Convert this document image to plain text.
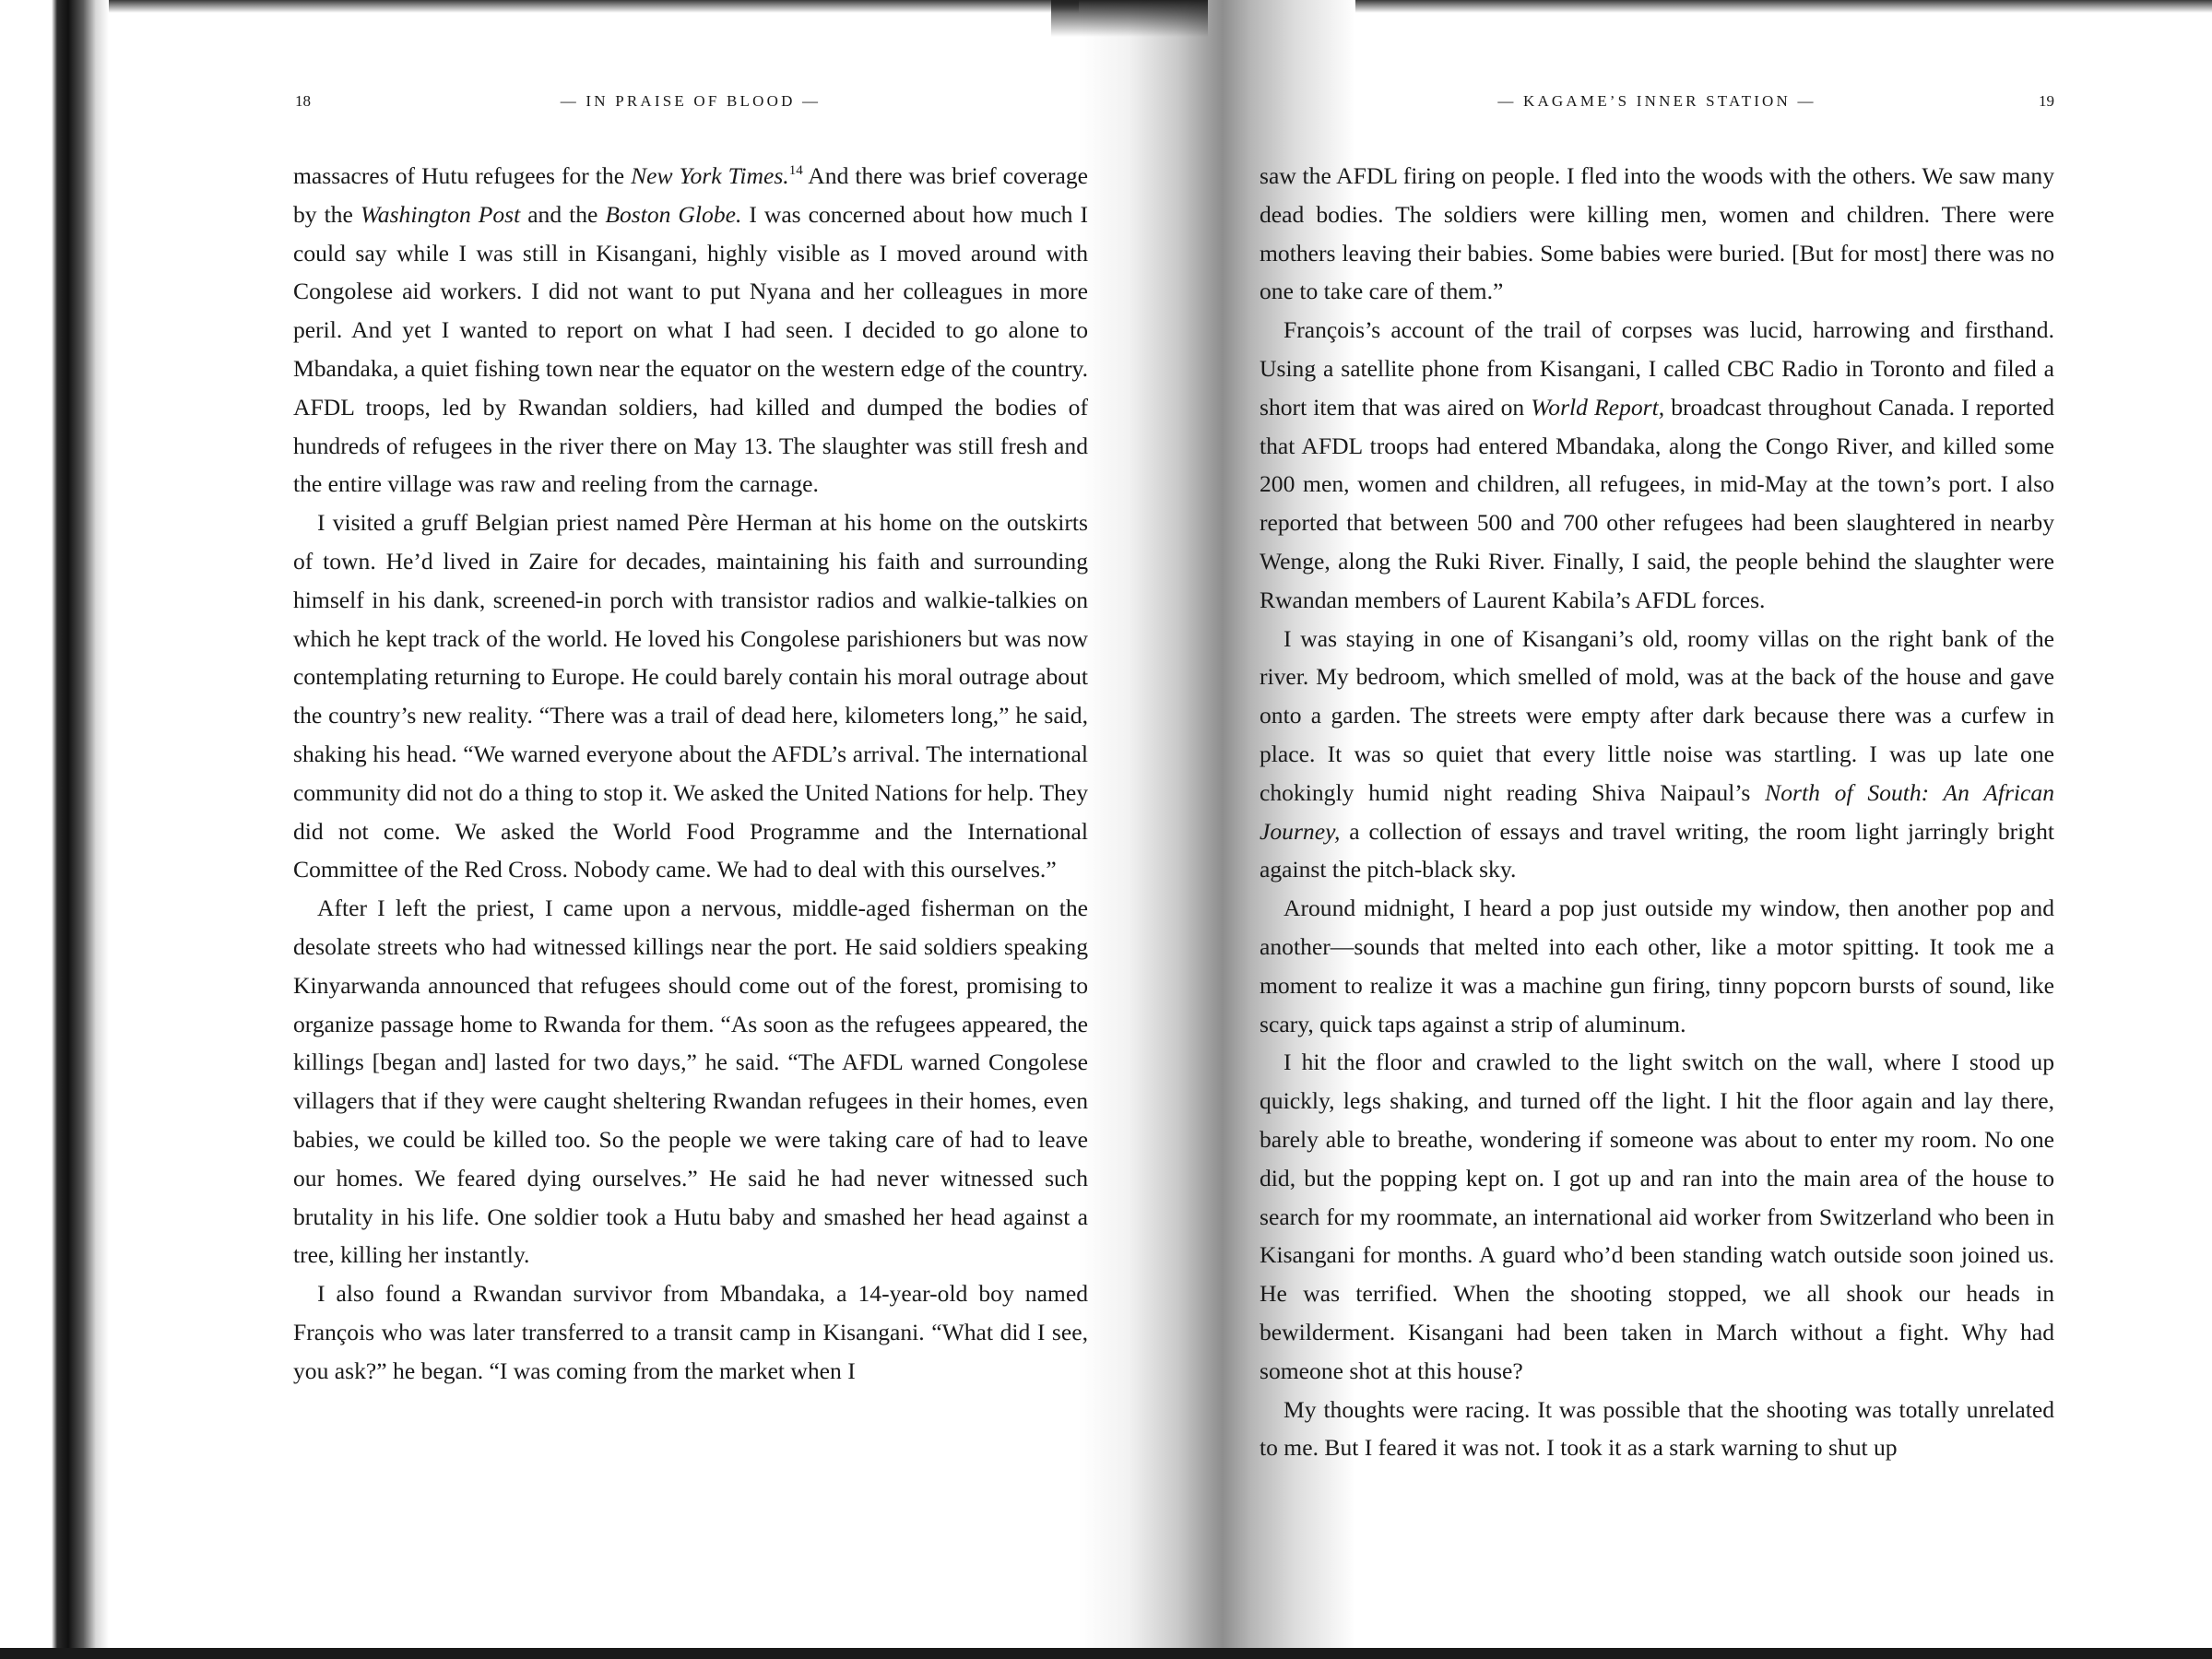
18	— IN PRAISE OF BLOOD —

massacres of Hutu refugees for the New York Times.$^{14}$ And there was brief coverage by the Washington Post and the Boston Globe. I was concerned about how much I could say while I was still in Kisangani, highly visible as I moved around with Congolese aid workers. I did not want to put Nyana and her colleagues in more peril. And yet I wanted to report on what I had seen. I decided to go alone to Mbandaka, a quiet fishing town near the equator on the western edge of the country. AFDL troops, led by Rwandan soldiers, had killed and dumped the bodies of hundreds of refugees in the river there on May 13. The slaughter was still fresh and the entire village was raw and reeling from the carnage.

I visited a gruff Belgian priest named Père Herman at his home on the outskirts of town. He’d lived in Zaire for decades, maintaining his faith and surrounding himself in his dank, screened-in porch with transistor radios and walkie-talkies on which he kept track of the world. He loved his Congolese parishioners but was now contemplating returning to Europe. He could barely contain his moral outrage about the country’s new reality. “There was a trail of dead here, kilometers long,” he said, shaking his head. “We warned everyone about the AFDL’s arrival. The international community did not do a thing to stop it. We asked the United Nations for help. They did not come. We asked the World Food Programme and the International Committee of the Red Cross. Nobody came. We had to deal with this ourselves.”

After I left the priest, I came upon a nervous, middle-aged fisherman on the desolate streets who had witnessed killings near the port. He said soldiers speaking Kinyarwanda announced that refugees should come out of the forest, promising to organize passage home to Rwanda for them. “As soon as the refugees appeared, the killings [began and] lasted for two days,” he said. “The AFDL warned Congolese villagers that if they were caught sheltering Rwandan refugees in their homes, even babies, we could be killed too. So the people we were taking care of had to leave our homes. We feared dying ourselves.” He said he had never witnessed such brutality in his life. One soldier took a Hutu baby and smashed her head against a tree, killing her instantly.

I also found a Rwandan survivor from Mbandaka, a 14-year-old boy named François who was later transferred to a transit camp in Kisangani. “What did I see, you ask?” he began. “I was coming from the market when I

— KAGAME’S INNER STATION —	19

saw the AFDL firing on people. I fled into the woods with the others. We saw many dead bodies. The soldiers were killing men, women and children. There were mothers leaving their babies. Some babies were buried. [But for most] there was no one to take care of them.”

François’s account of the trail of corpses was lucid, harrowing and firsthand. Using a satellite phone from Kisangani, I called CBC Radio in Toronto and filed a short item that was aired on World Report, broadcast throughout Canada. I reported that AFDL troops had entered Mbandaka, along the Congo River, and killed some 200 men, women and children, all refugees, in mid-May at the town’s port. I also reported that between 500 and 700 other refugees had been slaughtered in nearby Wenge, along the Ruki River. Finally, I said, the people behind the slaughter were Rwandan members of Laurent Kabila’s AFDL forces.

I was staying in one of Kisangani’s old, roomy villas on the right bank of the river. My bedroom, which smelled of mold, was at the back of the house and gave onto a garden. The streets were empty after dark because there was a curfew in place. It was so quiet that every little noise was startling. I was up late one chokingly humid night reading Shiva Naipaul’s North of South: An African Journey, a collection of essays and travel writing, the room light jarringly bright against the pitch-black sky.

Around midnight, I heard a pop just outside my window, then another pop and another—sounds that melted into each other, like a motor spitting. It took me a moment to realize it was a machine gun firing, tinny popcorn bursts of sound, like scary, quick taps against a strip of aluminum.

I hit the floor and crawled to the light switch on the wall, where I stood up quickly, legs shaking, and turned off the light. I hit the floor again and lay there, barely able to breathe, wondering if someone was about to enter my room. No one did, but the popping kept on. I got up and ran into the main area of the house to search for my roommate, an international aid worker from Switzerland who been in Kisangani for months. A guard who’d been standing watch outside soon joined us. He was terrified. When the shooting stopped, we all shook our heads in bewilderment. Kisangani had been taken in March without a fight. Why had someone shot at this house?

My thoughts were racing. It was possible that the shooting was totally unrelated to me. But I feared it was not. I took it as a stark warning to shut up
